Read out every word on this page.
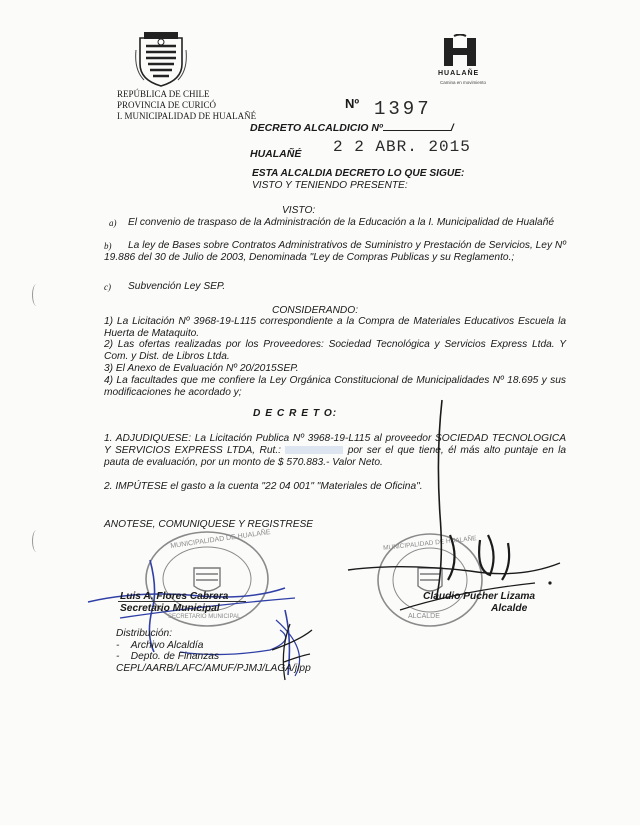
HUALAÑE
Camina en movimiento
REPÚBLICA DE CHILE
PROVINCIA DE CURICÓ
I. MUNICIPALIDAD DE HUALAÑÉ
Nº 1397
DECRETO ALCALDICIO Nº	/
HUALAÑÉ 2 2 ABR. 2015
ESTA ALCALDIA DECRETO LO QUE SIGUE:
VISTO Y TENIENDO PRESENTE:
VISTO:
a) El convenio de traspaso de la Administración de la Educación a la I. Municipalidad de Hualañé
b)	La ley de Bases sobre Contratos Administrativos de Suministro y Prestación de Servicios, Ley Nº 19.886 del 30 de Julio de 2003, Denominada "Ley de Compras Publicas y su Reglamento.;
c) Subvención Ley SEP.
CONSIDERANDO:
1) La Licitación Nº 3968-19-L115 correspondiente a la Compra de Materiales Educativos Escuela la Huerta de Mataquito.
2) Las ofertas realizadas por los Proveedores: Sociedad Tecnológica y Servicios Express Ltda. Y Com. y Dist. de Libros Ltda.
3) El Anexo de Evaluación Nº 20/2015SEP.
4) La facultades que me confiere la Ley Orgánica Constitucional de Municipalidades Nº 18.695 y sus modificaciones he acordado y;
D E C R E T O:
1. ADJUDIQUESE: La Licitación Publica Nº 3968-19-L115 al proveedor SOCIEDAD TECNOLOGICA Y SERVICIOS EXPRESS LTDA, Rut.:	por ser el que tiene, él más alto puntaje en la pauta de evaluación, por un monto de $ 570.883.- Valor Neto.
2. IMPÚTESE el gasto a la cuenta "22 04 001" "Materiales de Oficina".
ANOTESE, COMUNIQUESE Y REGISTRESE
MUNICIPALIDAD DE HUALAÑE
SECRETARIO MUNICIPAL
MUNICIPALIDAD DE HUALAÑE
ALCALDE
Luis A. Flores Cabrera
Secretario Municipal
Claudio Pucher Lizama
Alcalde
Distribución:
-    Archivo Alcaldía
-    Depto. de Finanzas
CEPL/AARB/LAFC/AMUF/PJMJ/LAGA/jlpp
